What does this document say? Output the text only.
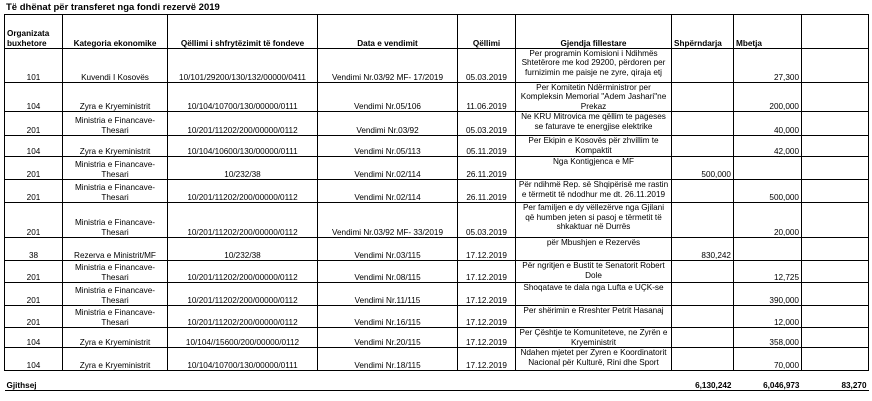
Të dhënat për transferet nga fondi rezervë 2019
Organizata buxhetore	Kategoria ekonomike	Qëllimi i shfrytëzimit të fondeve	Data e vendimit	Qëllimi	Gjendja fillestare	Shpërndarja	Mbetja	
101	Kuvendi I Kosovës	10/101/29200/130/132/00000/0411	Vendimi Nr.03/92 MF- 17/2019	05.03.2019	Per programin Komisioni i Ndihmës Shtetërore me kod 29200, përdoren per furnizimin me paisje ne zyre, qiraja etj		27,300	
104	Zyra e Kryeministrit	10/104/10700/130/00000/0111	Vendimi Nr.05/106	11.06.2019	Per Komitetin Ndërministror per Kompleksin Memorial "Adem Jashari"ne Prekaz		200,000	
201	Ministria e Financave-Thesari	10/201/11202/200/00000/0112	Vendimi Nr.03/92	05.03.2019	Ne KRU Mitrovica me qëllim te pageses se faturave te energjise elektrike		40,000	
104	Zyra e Kryeministrit	10/104/10600/130/00000/0111	Vendimi Nr.05/113	05.11.2019	Per Ekipin e Kosovës për zhvillim te Kompaktit		42,000	
201	Ministria e Financave-Thesari	10/232/38	Vendimi Nr.02/114	26.11.2019	Nga Kontigjenca e MF	500,000		
201	Ministria e Financave-Thesari	10/201/11202/200/00000/0112	Vendimi Nr.02/114	26.11.2019	Për ndihmë Rep. së Shqipërisë me rastin e tërmetit të ndodhur me dt. 26.11.2019		500,000	
201	Ministria e Financave-Thesari	10/201/11202/200/00000/0112	Vendimi Nr.03/92 MF- 33/2019	05.03.2019	Per familjen e dy vëllezërve nga Gjilani që humben jeten si pasoj e tërmetit të shkaktuar në Durrës		20,000	
38	Rezerva e Ministrit/MF	10/232/38	Vendimi Nr.03/115	17.12.2019	për Mbushjen e Rezervës	830,242		
201	Ministria e Financave-Thesari	10/201/11202/200/00000/0112	Vendimi Nr.08/115	17.12.2019	Për ngritjen e Bustit te Senatorit Robert Dole		12,725	
201	Ministria e Financave-Thesari	10/201/11202/200/00000/0112	Vendimi Nr.11/115	17.12.2019	Shoqatave te dala nga Lufta e UÇK-se		390,000	
201	Ministria e Financave-Thesari	10/201/11202/200/00000/0112	Vendimi Nr.16/115	17.12.2019	Per shërimin e Rreshter Petrit Hasanaj		12,000	
104	Zyra e Kryeministrit	10/104//15600/200/00000/0112	Vendimi Nr.20/115	17.12.2019	Per Çështje te Komuniteteve, ne Zyrën e Kryeministrit		358,000	
104	Zyra e Kryeministrit	10/104/10700/130/00000/0111	Vendimi Nr.18/115	17.12.2019	Ndahen mjetet per Zyren e Koordinatorit Nacional për Kulturë, Rini dhe Sport		70,000	
Gjithsej						6,130,242	6,046,973	83,270
